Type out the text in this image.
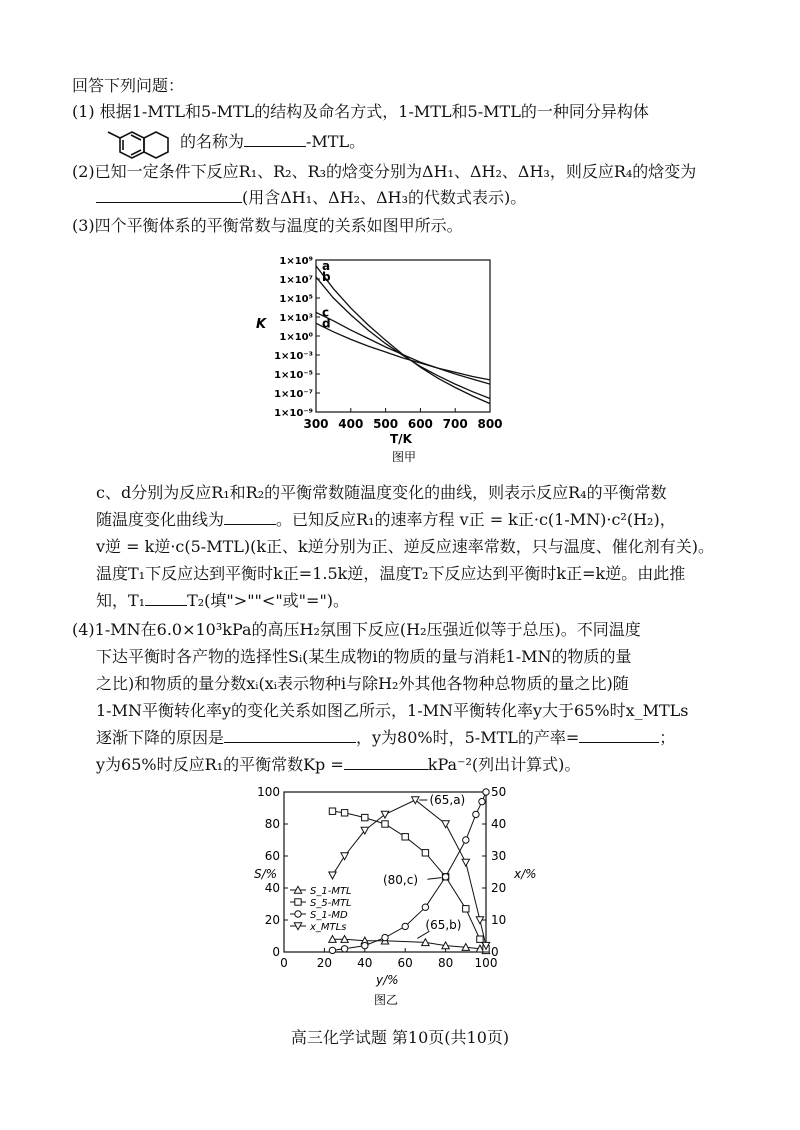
回答下列问题：
(1) 根据1-MTL和5-MTL的结构及命名方式，1-MTL和5-MTL的一种同分异构体
的名称为	-MTL。
(2)已知一定条件下反应R₁、R₂、R₃的焓变分别为ΔH₁、ΔH₂、ΔH₃，则反应R₄的焓变为
(用含ΔH₁、ΔH₂、ΔH₃的代数式表示)。
(3)四个平衡体系的平衡常数与温度的关系如图甲所示。
300 400 500 600 700 800
1×10⁹
1×10⁷
1×10⁵
1×10³
1×10⁰
1×10⁻³
1×10⁻⁵
1×10⁻⁷
1×10⁻⁹
a
b
c
d
K
T/K
图甲
c、d分别为反应R₁和R₂的平衡常数随温度变化的曲线，则表示反应R₄的平衡常数
随温度变化曲线为	。已知反应R₁的速率方程 v正 = k正·c(1-MN)·c²(H₂)，
v逆 = k逆·c(5-MTL)(k正、k逆分别为正、逆反应速率常数，只与温度、催化剂有关)。
温度T₁下反应达到平衡时k正=1.5k逆，温度T₂下反应达到平衡时k正=k逆。由此推
知，T₁	T₂(填">""<"或"=")。
(4)1-MN在6.0×10³kPa的高压H₂氛围下反应(H₂压强近似等于总压)。不同温度
下达平衡时各产物的选择性Sᵢ(某生成物i的物质的量与消耗1-MN的物质的量
之比)和物质的量分数xᵢ(xᵢ表示物种i与除H₂外其他各物种总物质的量之比)随
1-MN平衡转化率y的变化关系如图乙所示，1-MN平衡转化率y大于65%时x_MTLs
逐渐下降的原因是	，y为80%时，5-MTL的产率=	；
y为65%时反应R₁的平衡常数Kp =	kPa⁻²(列出计算式)。
0 20 40 60 80 100
0
20
40
60
80
100
0
10
20
30
40
50
S_1-MTL
S_5-MTL
S_1-MD
x_MTLs
(65,a)
(80,c)
(65,b)
S/%	x/%
y/%
图乙
高三化学试题 第10页(共10页)
